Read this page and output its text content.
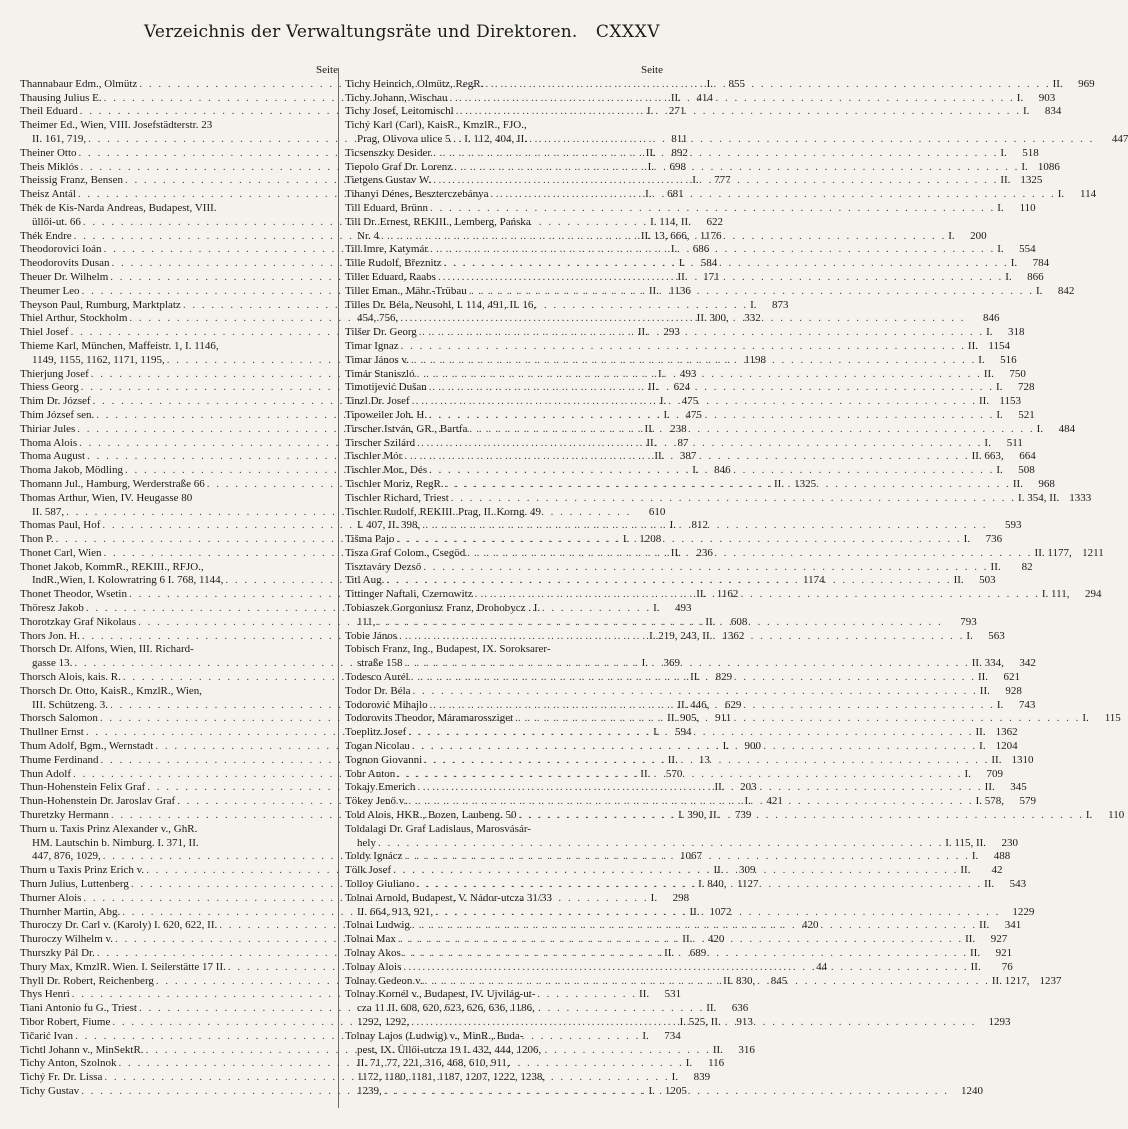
Verzeichnis der Verwaltungsräte und Direktoren. CXXXV
Seite
Thannabaur Edm., Olmütz . . .	I.	855
Thausing Julius E. . . .	II.	414
Theil Eduard . . .	I.	271
Theimer Ed., Wien, VIII. Josefstädterstr. 23
II. 161, 719, . . .	811
Theiner Otto . . .	II.	892
Theis Miklós . . .	I.	698
Theissig Franz, Bensen . . .	I.	777
Theisz Antál . . .	I.	681
Thék de Kis-Narda Andreas, Budapest, VIII.
üllői-ut. 66 . . .	I. 114, II.	622
Thék Endre . . .	II. 13, 666, 1176
Theodorovici Ioán . . .	I.	686
Theodorovits Dusan . . .	I.	584
Theuer Dr. Wilhelm . . .	II.	171
Theumer Leo . . .	II. 1136
Theyson Paul, Rumburg, Marktplatz . . .	I.	873
Thiel Arthur, Stockholm . . .	II. 300,	332
Thiel Josef . . .	II.	293
Thieme Karl, München, Maffeistr. 1, I. 1146,
1149, 1155, 1162, 1171, 1195, . . .	1198
Thierjung Josef . . .	I.	493
Thiess Georg . . .	II.	624
Thim Dr. József . . .	I.	475
Thim József sen. . . .	I.	475
Thiriar Jules . . .	II.	238
Thoma Alois . . .	II.	87
Thoma August . . .	II.	387
Thoma Jakob, Mödling . . .	I.	846
Thomann Jul., Hamburg, Werderstraße 66 . . .	II. 1325
Thomas Arthur, Wien, IV. Heugasse 80
II. 587, . . .	610
Thomas Paul, Hof . . .	I.	812
Thon P. . . .	I. 1208
Thonet Carl, Wien . . .	II.	236
Thonet Jakob, KommR., REKIII., RFJO.,
IndR.,Wien, I. Kolowratring 6 I. 768, 1144, . . .	1174
Thonet Theodor, Wsetin . . .	II. 1162
Thöresz Jakob . . .	I.	493
Thorotzkay Graf Nikolaus . . .	II.	608
Thors Jon. H. . . .	I. 219, 243, II. 1362
Thorsch Dr. Alfons, Wien, III. Richard-
gasse 13. . . .	I.	369
Thorsch Alois, kais. R. . . .	II.	829
Thorsch Dr. Otto, KaisR., KmzlR., Wien,
III. Schützeng. 3. . . .	II. 446,	629
Thorsch Salomon . . .	II. 905,	911
Thullner Ernst . . .	I.	594
Thum Adolf, Bgm., Wernstadt . . .	I.	900
Thume Ferdinand . . .	II.	13
Thun Adolf . . .	II.	570
Thun-Hohenstein Felix Graf . . .	II.	203
Thun-Hohenstein Dr. Jaroslav Graf . . .	I.	421
Thuretzky Hermann . . .	I. 390, II.	739
Thurn u. Taxis Prinz Alexander v., GhR.
HM. Lautschin b. Nimburg. I. 371, II.
447, 876, 1029, . . .	1067
Thurn u Taxis Prinz Erich v. . . .	II.	309
Thurn Julius, Luttenberg . . .	I. 840, 1127
Thurner Alois . . .	I.	298
Thurnher Martin, Abg. . . .	II. 1072
Thuroczy Dr. Carl v. (Karoly) I. 620, 622, II. . . .	420
Thuroczy Wilhelm v. . . .	II.	420
Thurszky Pál Dr. . . .	II.	689
Thury Max, KmzlR. Wien. I. Seilerstätte 17 II. . . .	44
Thyll Dr. Robert, Reichenberg . . .	II. 830,	845
Thys Henri . . .	II.	531
Tiani Antonio fu G., Triest . . .	II.	636
Tibor Robert, Fiume . . .	I. 525, II.	913
Tičarić Ivan . . .	I.	734
Tichtl Johann v., MinSektR. . . .	II.	316
Tichy Anton, Szolnok . . .	I.	116
Tichý Fr. Dr. Lissa . . .	I.	839
Tichy Gustav . . .	I. 1205
Seite
Tichy Heinrich, Olmütz, RegR. . . .	II.	969
Tichy Johann, Wischau . . .	I.	903
Tichy Josef, Leitomischl . . .	I.	834
Tichý Karl (Carl), KaisR., KmzlR., FJO.,
Prag, Olivova ulice 5 . . I. 112, 404, II. . . .	447
Ticsenszky Desider . . .	I.	518
Tiepolo Graf Dr. Lorenz . . .	I. 1086
Tietgens Gustav W. . . .	II. 1325
Tihanyi Dénes, Beszterczebánya . . .	I.	114
Till Eduard, Brünn . . .	I.	110
Till Dr. Ernest, REKIII., Lemberg, Pańska
Nr. 4 . . .	I.	200
Till Imre, Katymár . . .	I.	554
Tille Rudolf, Březnitz . . .	I.	784
Tiller Eduard, Raabs . . .	I.	866
Tiller Eman., Mähr.-Trübau . . .	I.	842
Tilles Dr. Béla, Neusohl, I. 114, 491, II. 16,
454, 756, . . .	846
Tilšer Dr. Georg . . .	I.	318
Timar Ignaz . . .	II. 1154
Timar János v. . . .	I.	516
Timár Staniszló . . .	II.	750
Timotijević Dušan . . .	I.	728
Tinzl Dr. Josef . . .	II. 1153
Tipoweiler Joh. H. . . .	I.	521
Tirscher István, GR., Bartfa . . .	I.	484
Tirscher Szilárd . . .	I.	511
Tischler Mór . . .	II. 663,	664
Tischler Mor., Dés . . .	I.	508
Tischler Moriz, RegR. . . .	II.	968
Tischler Richard, Triest . . .	I. 354, II. 1333
Tischler Rudolf, REKIII. Prag, II. Korng. 49
I. 407, II. 398, . . .	593
Tišma Pajo . . .	I.	736
Tisza Graf Colom., Csegöd . . .	II. 1177, 1211
Tisztaváry Dezső . . .	II.	82
Titl Aug. . . .	II.	503
Tittinger Naftali, Czernowitz . . .	I. 111,	294
Tobiaszek Gorgoniusz Franz, Drohobycz . I.
111, . . .	793
Tobie János . . .	I.	563
Tobisch Franz, Ing., Budapest, IX. Soroksarer-
straße 158 . . .	II. 334,	342
Todesco Aurél . . .	II.	621
Todor Dr. Béla . . .	II.	928
Todorović Mihajlo . . .	I.	743
Todorovits Theodor, Máramarossziget . . .	I.	115
Toeplitz Josef . . .	II. 1362
Togan Nicolau . . .	I. 1204
Tognon Giovanni . . .	II. 1310
Tohr Anton . . .	I.	709
Tokajy Emerich . . .	II.	345
Tökey Jenő v. . . .	I. 578,	579
Told Alois, HKR., Bozen, Laubeng. 50 . . .	I.	110
Toldalagi Dr. Graf Ladislaus, Marosvásár-
hely . . .	I. 115, II.	230
Toldy Ignácz . . .	I.	488
Tölk Josef . . .	II.	42
Tolloy Giuliano . . .	II.	543
Tolnai Arnold, Budapest, V. Nádor-utcza 31/33
II. 664, 913, 921, . . .	1229
Tolnai Ludwig . . .	II.	341
Tolnai Max . . .	II.	927
Tolnay Akos . . .	II.	921
Tolnay Alois . . .	II.	76
Tolnay Gedeon v. . . .	II. 1217, 1237
Tolnay Kornél v., Budapest, IV. Ujvilág-ut-
cza 11 II. 608, 620, 623, 626, 636, 1186,
1292, 1292, . . .	1293
Tolnay Lajos (Ludwig) v., MinR., Buda-
pest, IX. Üllői-utcza 19 I. 432, 444, 1206,
II. 71, 77, 221, 316, 468, 610, 911,
1172, 1180, 1181, 1187, 1207, 1222, 1238,
1239, . . .	1240
